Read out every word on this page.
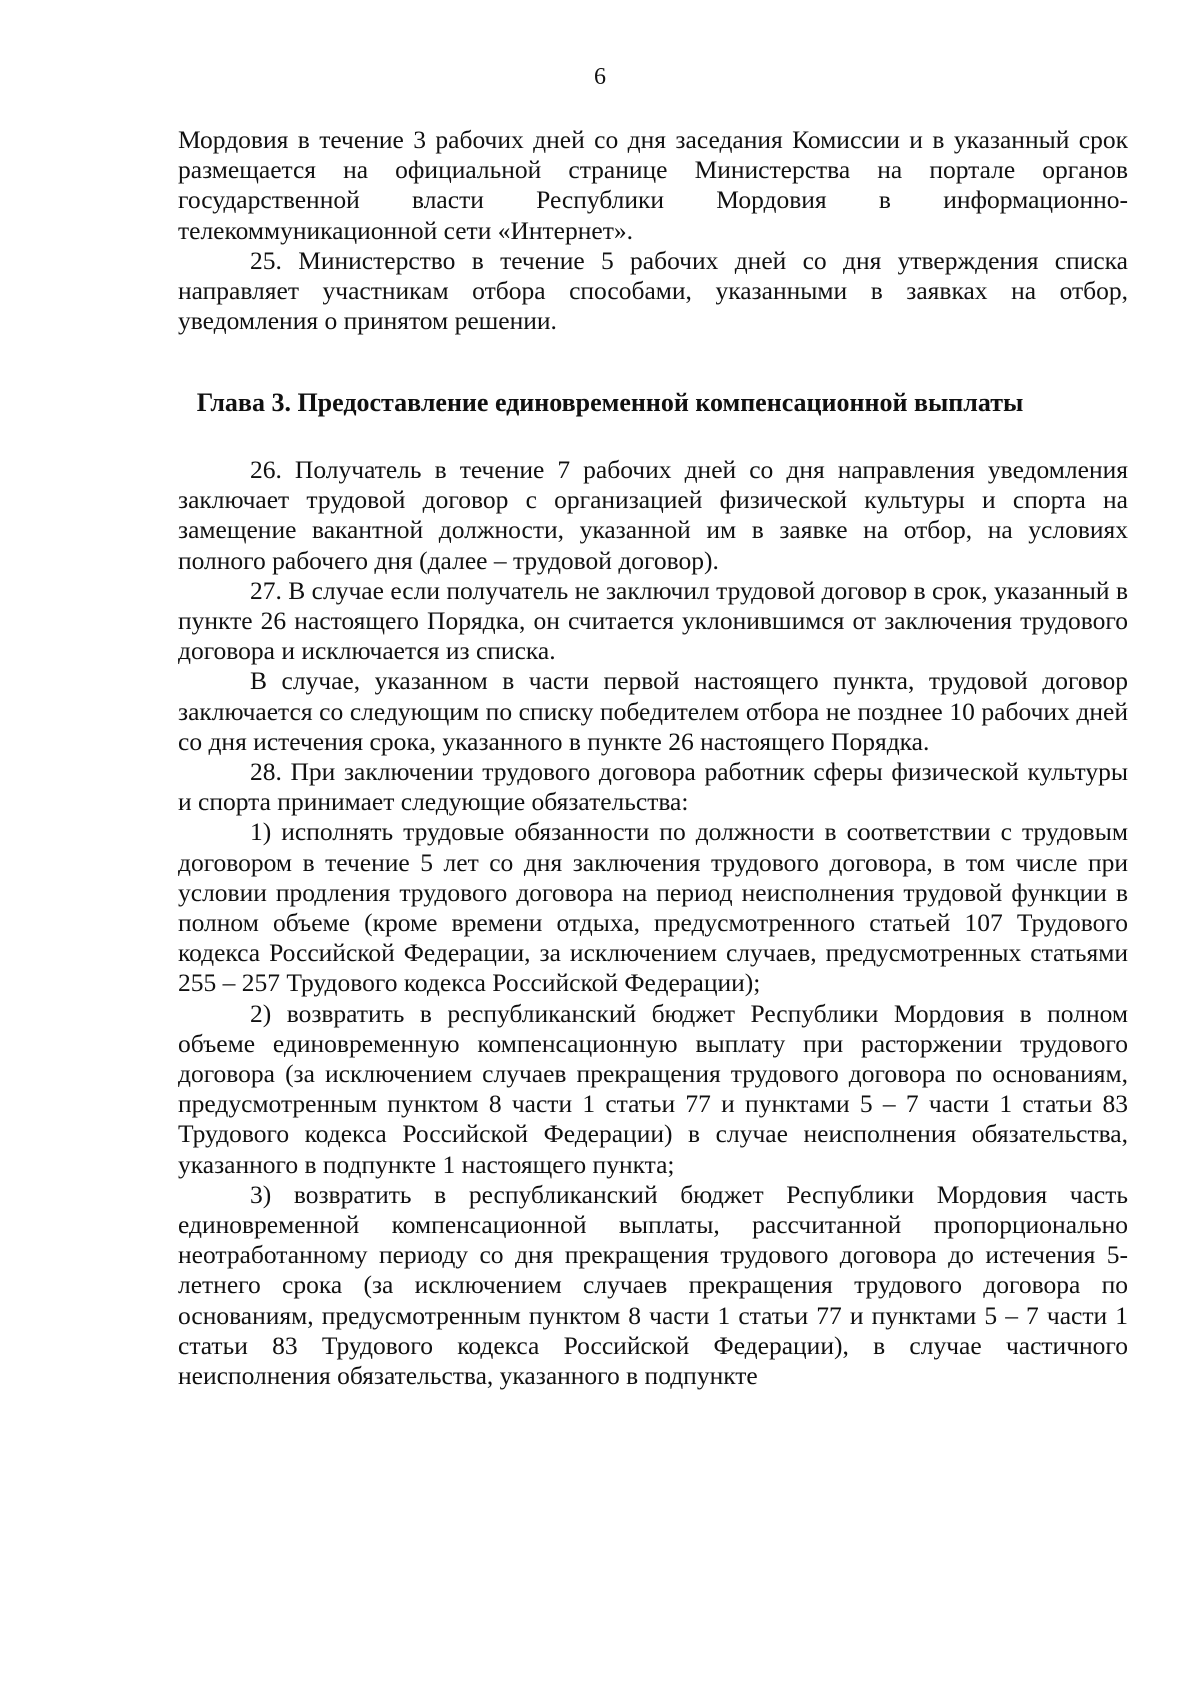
6

Мордовия в течение 3 рабочих дней со дня заседания Комиссии и в указанный срок размещается на официальной странице Министерства на портале органов государственной власти Республики Мордовия в информационно-телекоммуникационной сети «Интернет».

25. Министерство в течение 5 рабочих дней со дня утверждения списка направляет участникам отбора способами, указанными в заявках на отбор, уведомления о принятом решении.

Глава 3. Предоставление единовременной компенсационной выплаты

26. Получатель в течение 7 рабочих дней со дня направления уведомления заключает трудовой договор с организацией физической культуры и спорта на замещение вакантной должности, указанной им в заявке на отбор, на условиях полного рабочего дня (далее – трудовой договор).

27. В случае если получатель не заключил трудовой договор в срок, указанный в пункте 26 настоящего Порядка, он считается уклонившимся от заключения трудового договора и исключается из списка.

В случае, указанном в части первой настоящего пункта, трудовой договор заключается со следующим по списку победителем отбора не позднее 10 рабочих дней со дня истечения срока, указанного в пункте 26 настоящего Порядка.

28. При заключении трудового договора работник сферы физической культуры и спорта принимает следующие обязательства:

1) исполнять трудовые обязанности по должности в соответствии с трудовым договором в течение 5 лет со дня заключения трудового договора, в том числе при условии продления трудового договора на период неисполнения трудовой функции в полном объеме (кроме времени отдыха, предусмотренного статьей 107 Трудового кодекса Российской Федерации, за исключением случаев, предусмотренных статьями 255 – 257 Трудового кодекса Российской Федерации);

2) возвратить в республиканский бюджет Республики Мордовия в полном объеме единовременную компенсационную выплату при расторжении трудового договора (за исключением случаев прекращения трудового договора по основаниям, предусмотренным пунктом 8 части 1 статьи 77 и пунктами 5 – 7 части 1 статьи 83 Трудового кодекса Российской Федерации) в случае неисполнения обязательства, указанного в подпункте 1 настоящего пункта;

3) возвратить в республиканский бюджет Республики Мордовия часть единовременной компенсационной выплаты, рассчитанной пропорционально неотработанному периоду со дня прекращения трудового договора до истечения 5-летнего срока (за исключением случаев прекращения трудового договора по основаниям, предусмотренным пунктом 8 части 1 статьи 77 и пунктами 5 – 7 части 1 статьи 83 Трудового кодекса Российской Федерации), в случае частичного неисполнения обязательства, указанного в подпункте
